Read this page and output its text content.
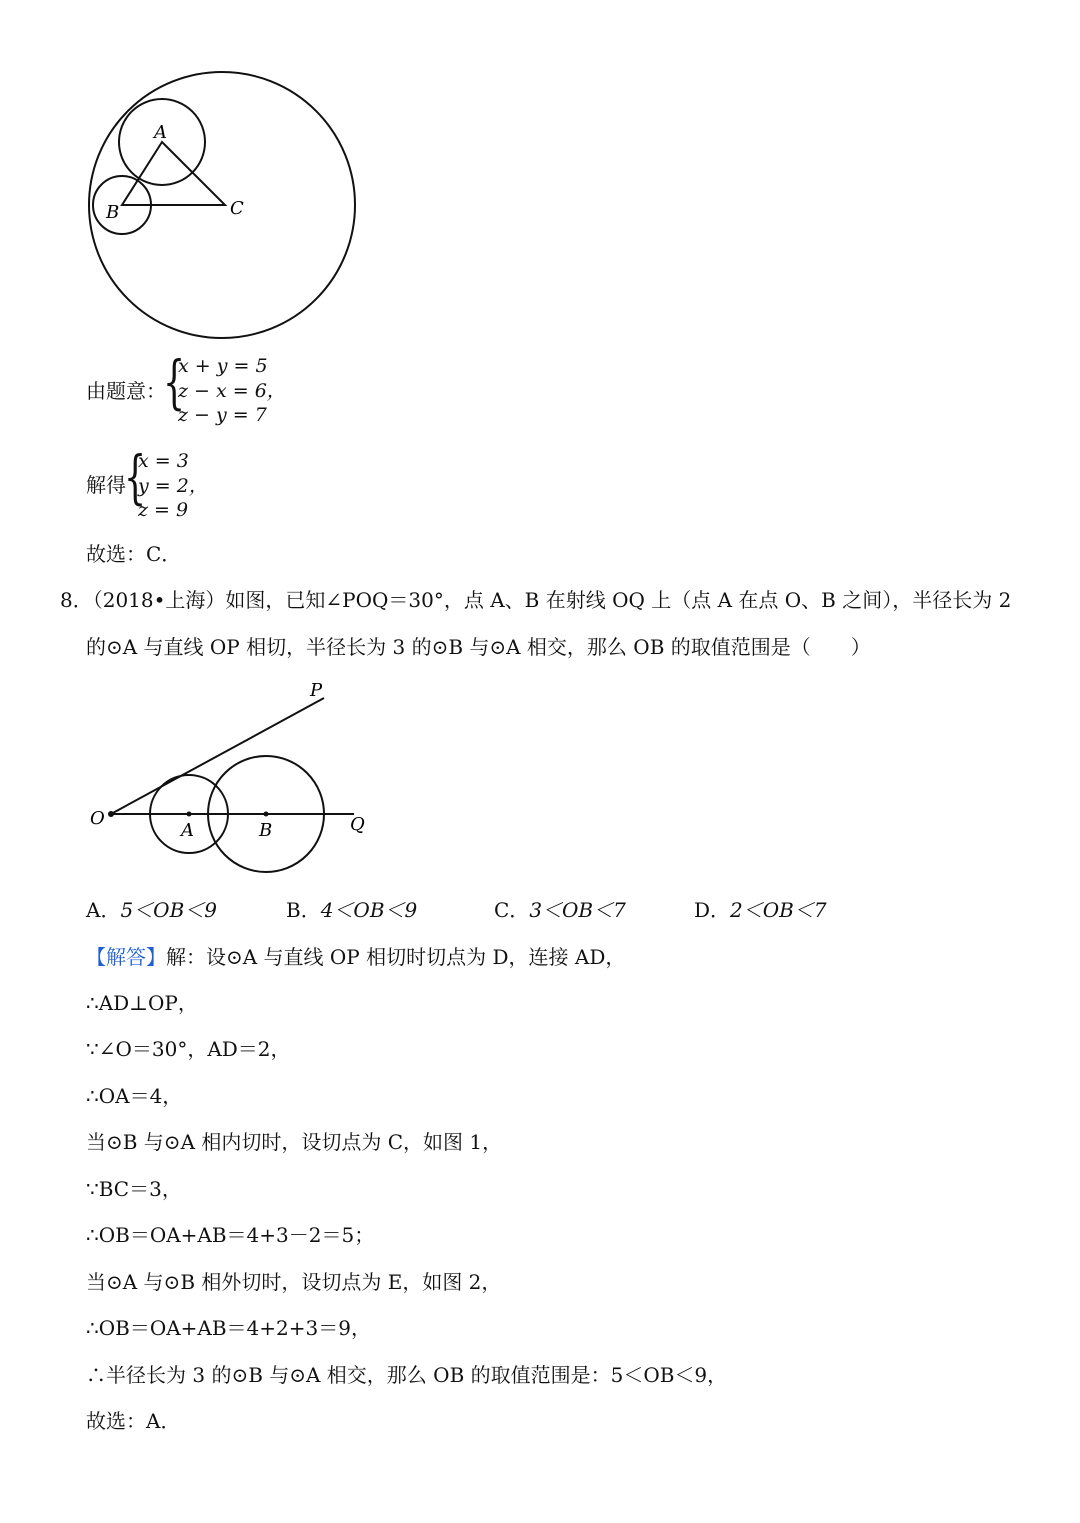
A
B	C
由题意：
{
x + y = 5
z − x = 6，
z − y = 7
解得
{
x = 3
y = 2，
z = 9
故选：C．
8．（2018•上海）如图，已知∠POQ＝30°，点 A、B 在射线 OQ 上（点 A 在点 O、B 之间），半径长为 2
的⊙A 与直线 OP 相切，半径长为 3 的⊙B 与⊙A 相交，那么 OB 的取值范围是（　　）
O
P
Q
A	B
A．5＜OB＜9	B．4＜OB＜9	C．3＜OB＜7	D．2＜OB＜7
【解答】解：设⊙A 与直线 OP 相切时切点为 D，连接 AD，
∴AD⊥OP，
∵∠O＝30°，AD＝2，
∴OA＝4，
当⊙B 与⊙A 相内切时，设切点为 C，如图 1，
∵BC＝3，
∴OB＝OA+AB＝4+3－2＝5；
当⊙A 与⊙B 相外切时，设切点为 E，如图 2，
∴OB＝OA+AB＝4+2+3＝9，
∴半径长为 3 的⊙B 与⊙A 相交，那么 OB 的取值范围是：5＜OB＜9，
故选：A．
